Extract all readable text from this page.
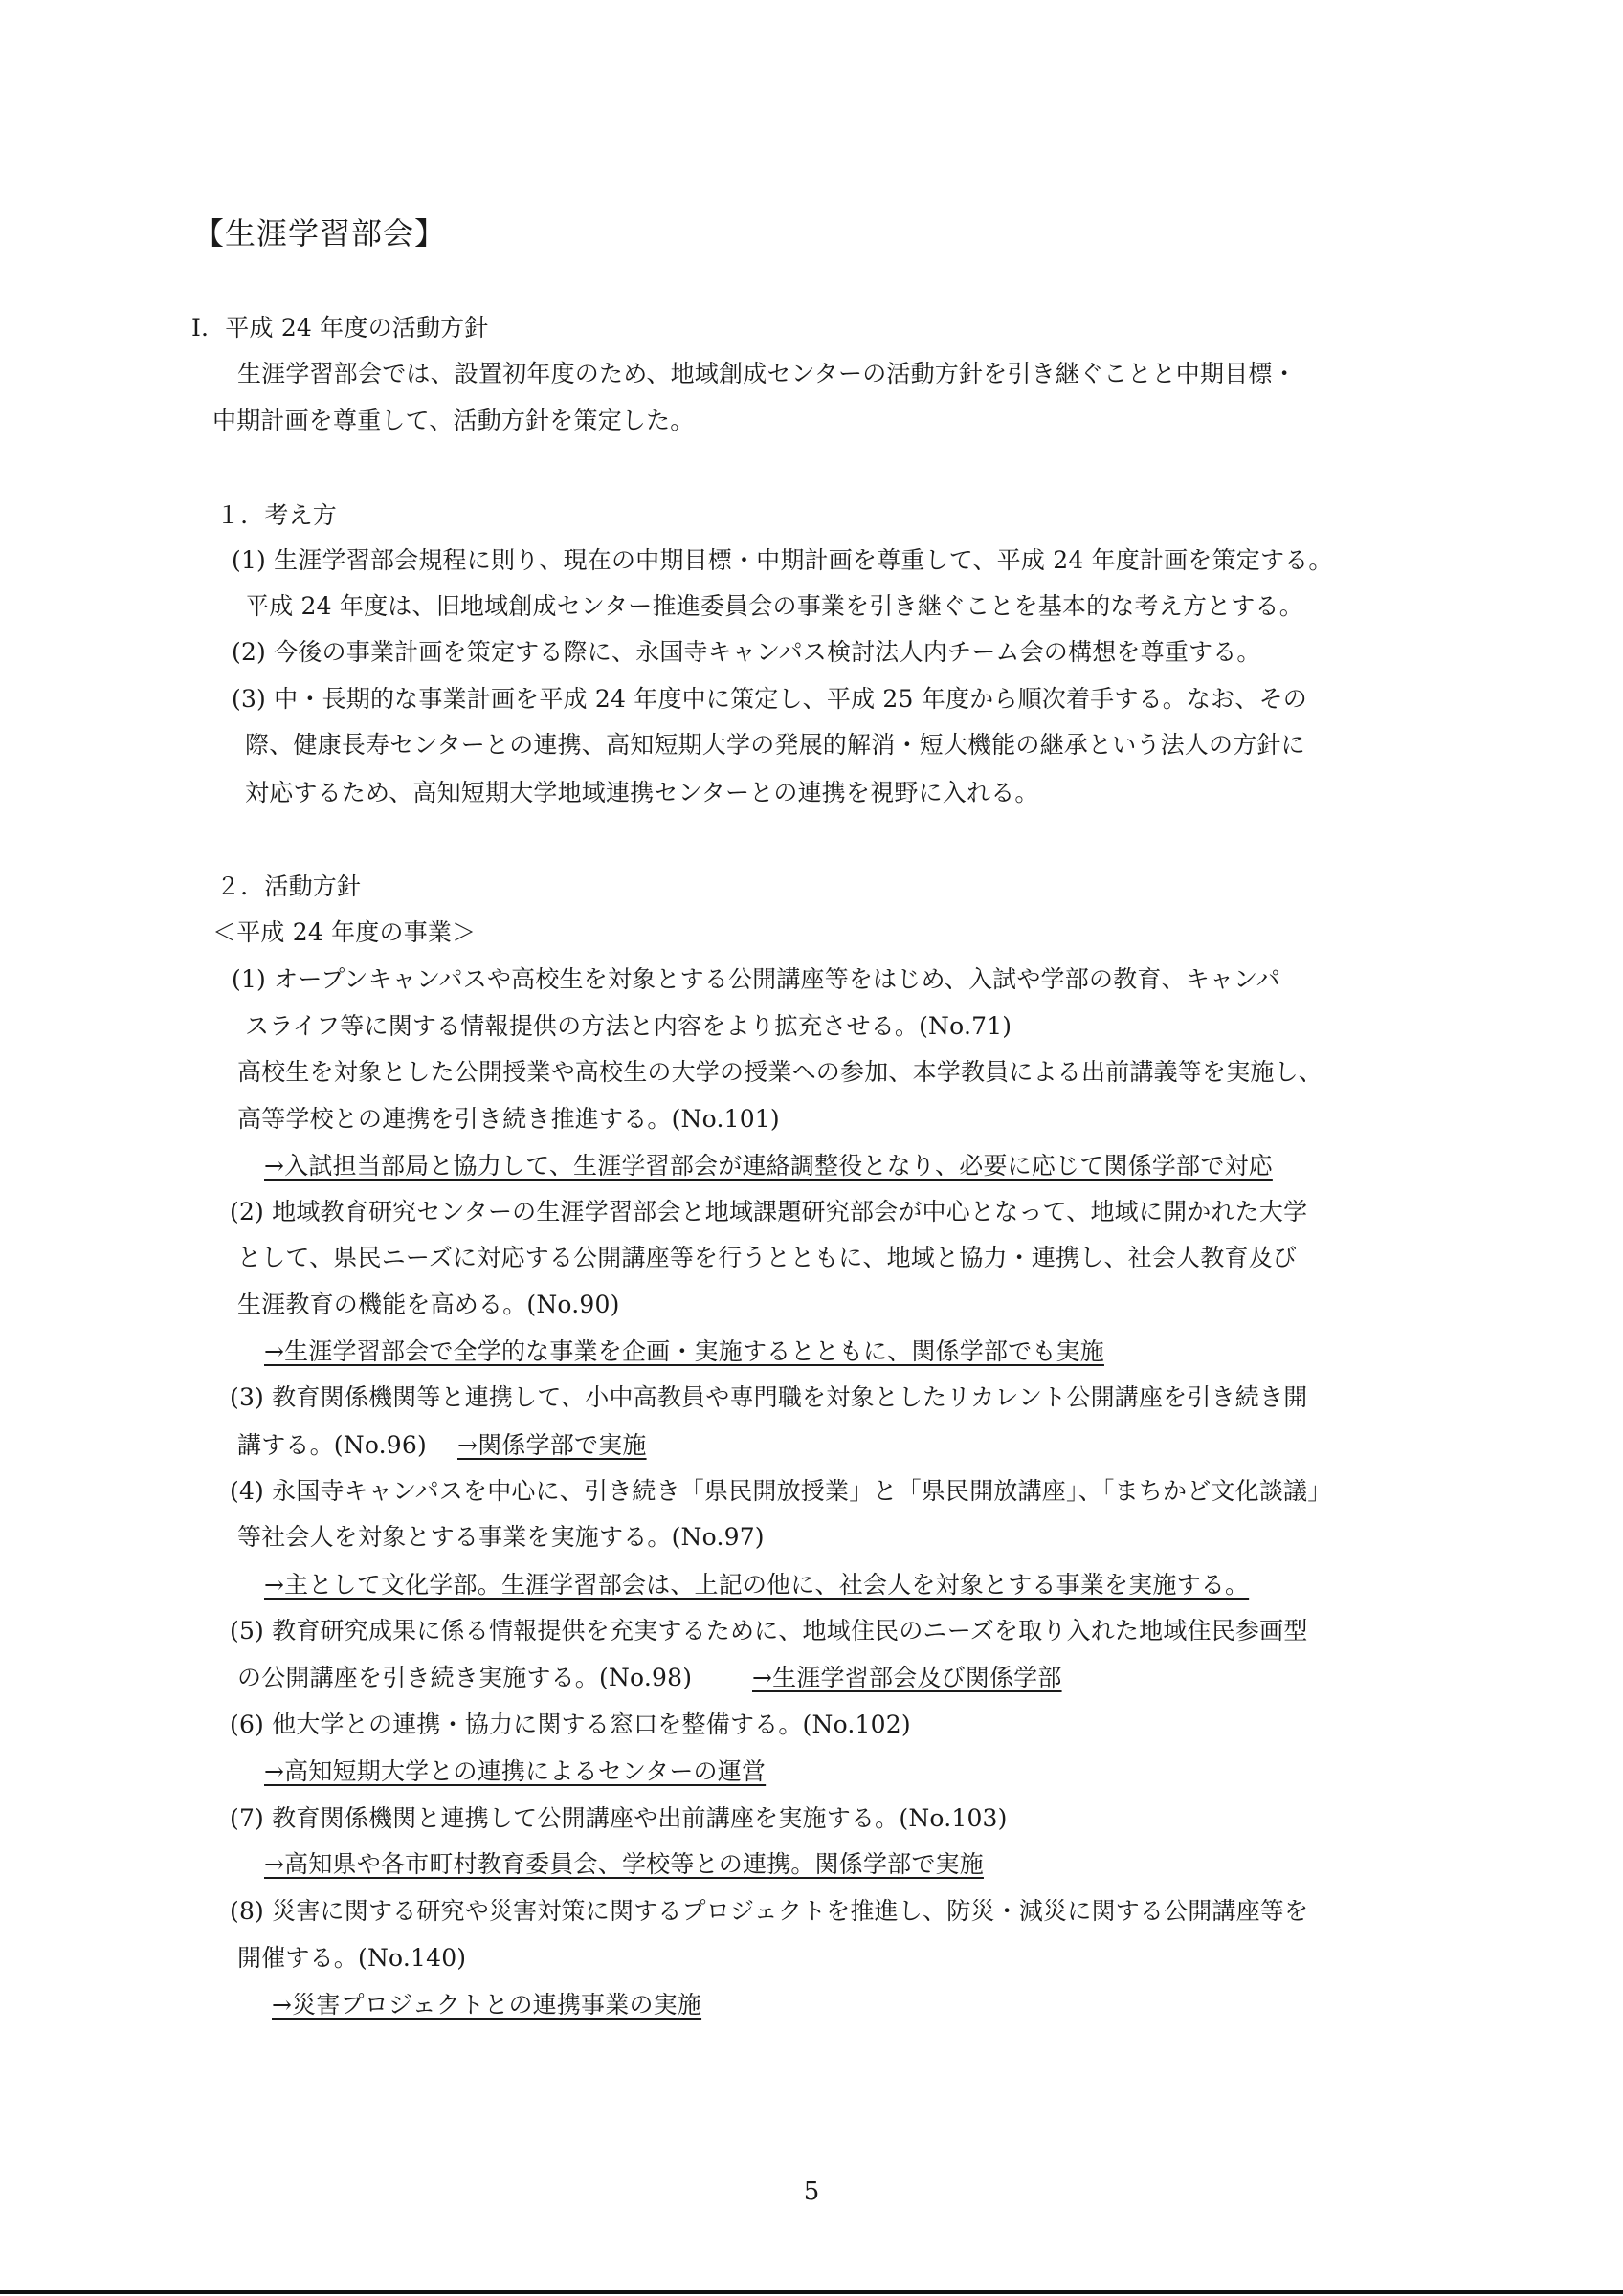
【生涯学習部会】
Ⅰ．平成 24 年度の活動方針
生涯学習部会では、設置初年度のため、地域創成センターの活動方針を引き継ぐことと中期目標・
中期計画を尊重して、活動方針を策定した。
１．考え方
(1) 生涯学習部会規程に則り、現在の中期目標・中期計画を尊重して、平成 24 年度計画を策定する。
平成 24 年度は、旧地域創成センター推進委員会の事業を引き継ぐことを基本的な考え方とする。
(2) 今後の事業計画を策定する際に、永国寺キャンパス検討法人内チーム会の構想を尊重する。
(3) 中・長期的な事業計画を平成 24 年度中に策定し、平成 25 年度から順次着手する。なお、その
際、健康長寿センターとの連携、高知短期大学の発展的解消・短大機能の継承という法人の方針に
対応するため、高知短期大学地域連携センターとの連携を視野に入れる。
２．活動方針
＜平成 24 年度の事業＞
(1) オープンキャンパスや高校生を対象とする公開講座等をはじめ、入試や学部の教育、キャンパ
スライフ等に関する情報提供の方法と内容をより拡充させる。(No.71)
高校生を対象とした公開授業や高校生の大学の授業への参加、本学教員による出前講義等を実施し、
高等学校との連携を引き続き推進する。(No.101)
→入試担当部局と協力して、生涯学習部会が連絡調整役となり、必要に応じて関係学部で対応
(2) 地域教育研究センターの生涯学習部会と地域課題研究部会が中心となって、地域に開かれた大学
として、県民ニーズに対応する公開講座等を行うとともに、地域と協力・連携し、社会人教育及び
生涯教育の機能を高める。(No.90)
→生涯学習部会で全学的な事業を企画・実施するとともに、関係学部でも実施
(3) 教育関係機関等と連携して、小中高教員や専門職を対象としたリカレント公開講座を引き続き開
講する。(No.96) →関係学部で実施
(4) 永国寺キャンパスを中心に、引き続き「県民開放授業」と「県民開放講座」、「まちかど文化談議」
等社会人を対象とする事業を実施する。(No.97)
→主として文化学部。生涯学習部会は、上記の他に、社会人を対象とする事業を実施する。
(5) 教育研究成果に係る情報提供を充実するために、地域住民のニーズを取り入れた地域住民参画型
の公開講座を引き続き実施する。(No.98)	→生涯学習部会及び関係学部
(6) 他大学との連携・協力に関する窓口を整備する。(No.102)
→高知短期大学との連携によるセンターの運営
(7) 教育関係機関と連携して公開講座や出前講座を実施する。(No.103)
→高知県や各市町村教育委員会、学校等との連携。関係学部で実施
(8) 災害に関する研究や災害対策に関するプロジェクトを推進し、防災・減災に関する公開講座等を
開催する。(No.140)
→災害プロジェクトとの連携事業の実施
5
